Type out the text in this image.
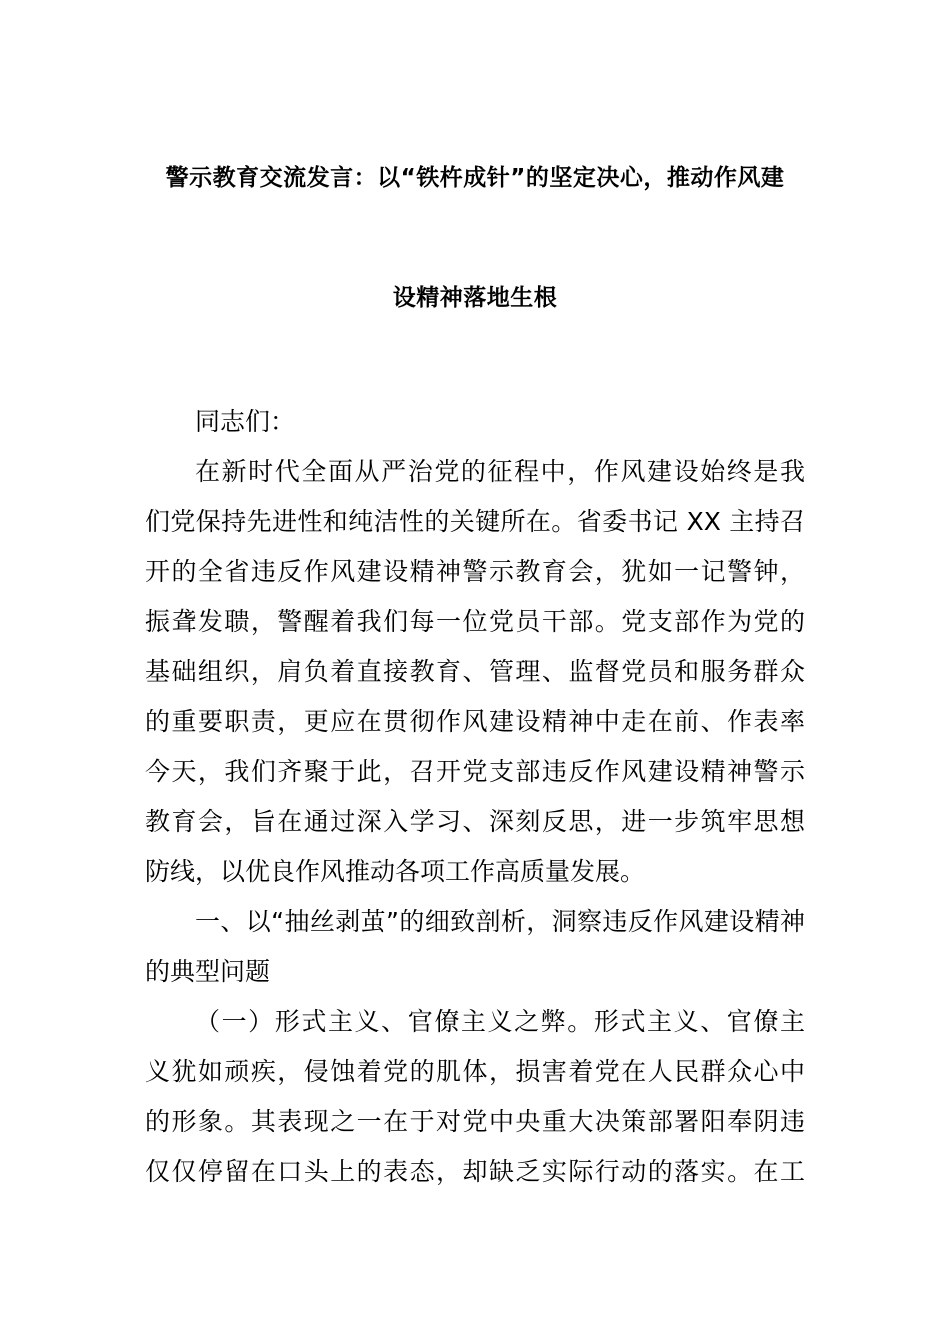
警示教育交流发言：以“铁杵成针”的坚定决心，推动作风建
设精神落地生根
同志们：
在新时代全面从严治党的征程中，作风建设始终是我
们党保持先进性和纯洁性的关键所在。省委书记 XX 主持召
开的全省违反作风建设精神警示教育会，犹如一记警钟，
振聋发聩，警醒着我们每一位党员干部。党支部作为党的
基础组织，肩负着直接教育、管理、监督党员和服务群众
的重要职责，更应在贯彻作风建设精神中走在前、作表率
今天，我们齐聚于此，召开党支部违反作风建设精神警示
教育会，旨在通过深入学习、深刻反思，进一步筑牢思想
防线，以优良作风推动各项工作高质量发展。
一、以“抽丝剥茧”的细致剖析，洞察违反作风建设精神
的典型问题
（一）形式主义、官僚主义之弊。形式主义、官僚主
义犹如顽疾，侵蚀着党的肌体，损害着党在人民群众心中
的形象。其表现之一在于对党中央重大决策部署阳奉阴违
仅仅停留在口头上的表态，却缺乏实际行动的落实。在工
